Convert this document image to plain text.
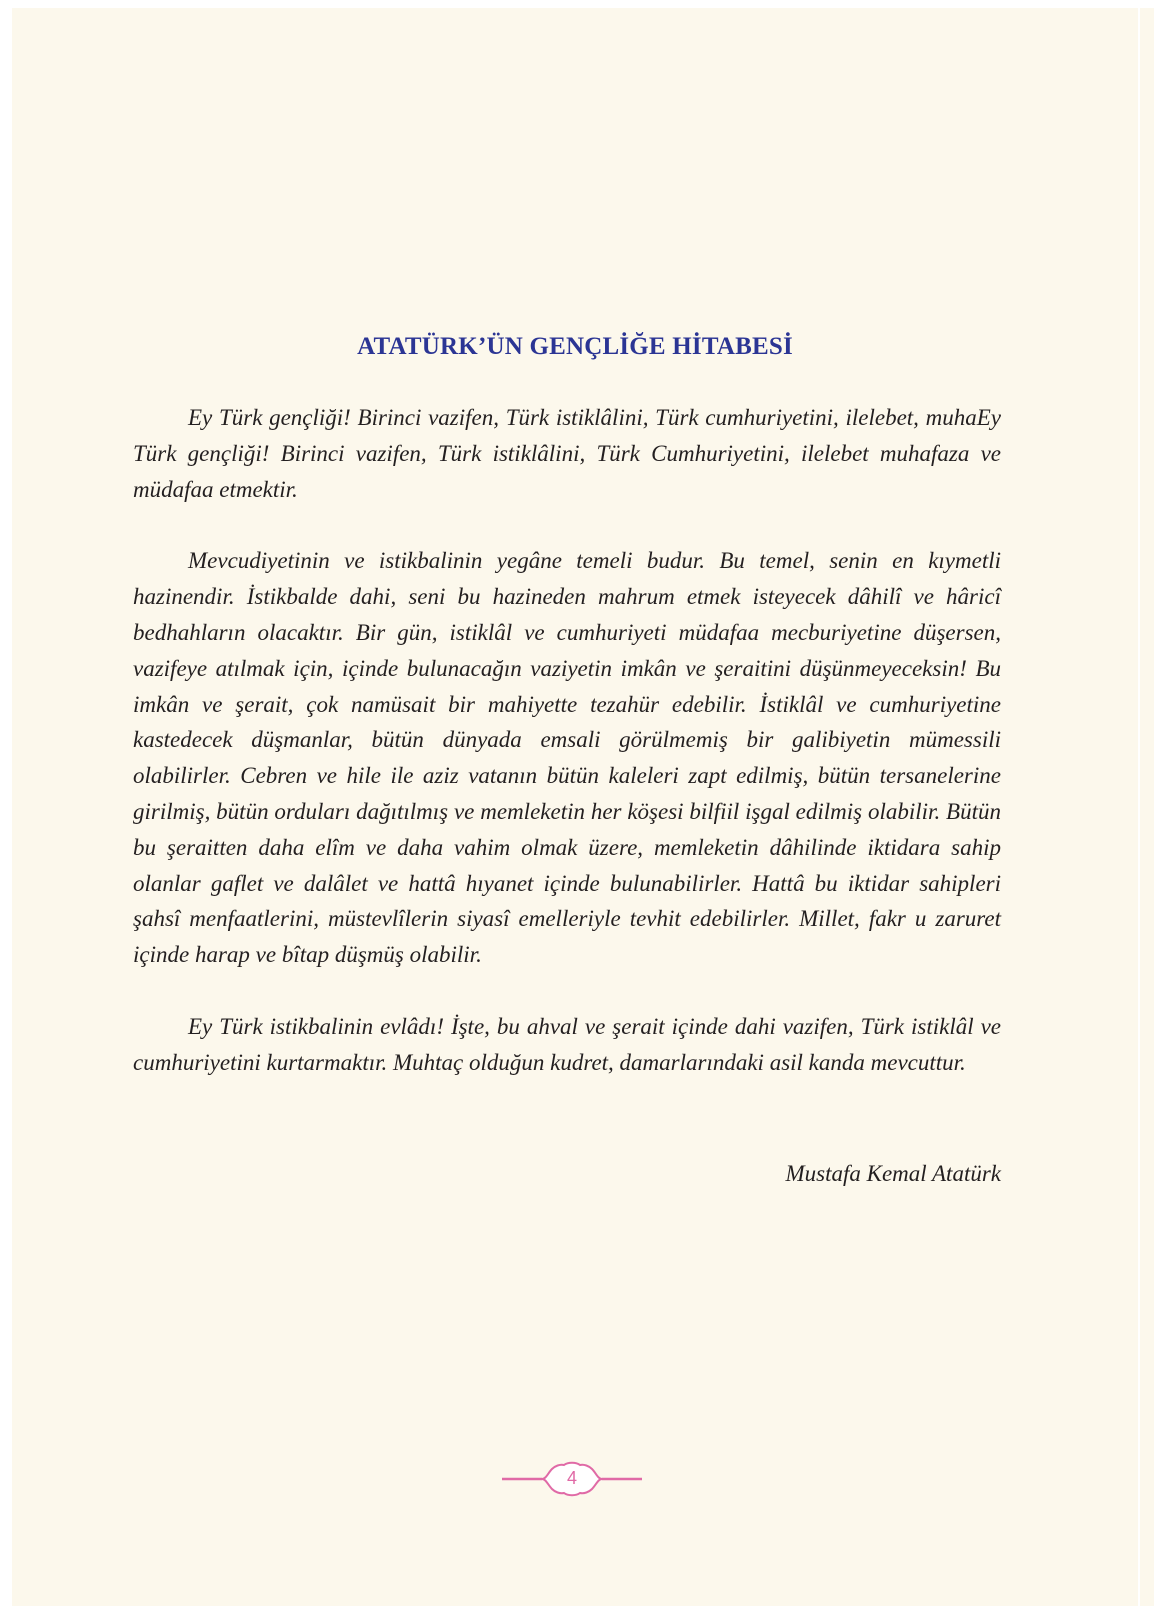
ATATÜRK’ÜN GENÇLİĞE HİTABESİ

Ey Türk gençliği! Birinci vazifen, Türk istiklâlini, Türk cumhuriyetini, ilelebet, muhaEy Türk gençliği! Birinci vazifen, Türk istiklâlini, Türk Cumhuriyetini, ilelebet muhafaza ve müdafaa etmektir.

Mevcudiyetinin ve istikbalinin yegâne temeli budur. Bu temel, senin en kıymetli hazinendir. İstikbalde dahi, seni bu hazineden mahrum etmek isteyecek dâhilî ve hâricî bedhahların olacaktır. Bir gün, istiklâl ve cumhuriyeti müdafaa mecburiyetine düşersen, vazifeye atılmak için, içinde bulunacağın vaziyetin imkân ve şeraitini düşünmeyeceksin! Bu imkân ve şerait, çok namüsait bir mahiyette tezahür edebilir. İstiklâl ve cumhuriyetine kastedecek düşmanlar, bütün dünyada emsali görülmemiş bir galibiyetin mümessili olabilirler. Cebren ve hile ile aziz vatanın bütün kaleleri zapt edilmiş, bütün tersanelerine girilmiş, bütün orduları dağıtılmış ve memleketin her köşesi bilfiil işgal edilmiş olabilir. Bütün bu şeraitten daha elîm ve daha vahim olmak üzere, memleketin dâhilinde iktidara sahip olanlar gaflet ve dalâlet ve hattâ hıyanet içinde bulunabilirler. Hattâ bu iktidar sahipleri şahsî menfaatlerini, müstevlîlerin siyasî emelleriyle tevhit edebilirler. Millet, fakr u zaruret içinde harap ve bîtap düşmüş olabilir.

Ey Türk istikbalinin evlâdı! İşte, bu ahval ve şerait içinde dahi vazifen, Türk istiklâl ve cumhuriyetini kurtarmaktır. Muhtaç olduğun kudret, damarlarındaki asil kanda mevcuttur.

Mustafa Kemal Atatürk
4
